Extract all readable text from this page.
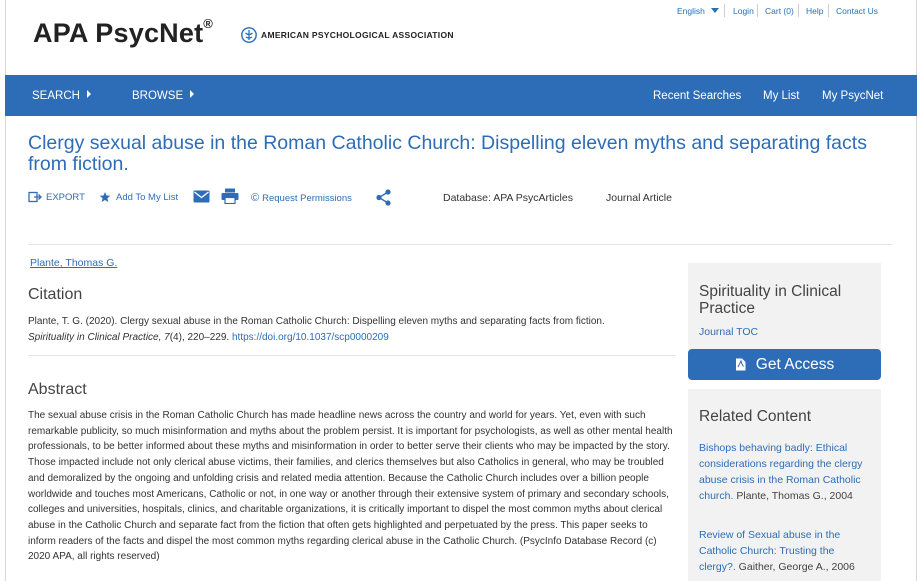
APA PsycNet®
AMERICAN PSYCHOLOGICAL ASSOCIATION
English	Login Cart (0) Help Contact Us
SEARCH	BROWSE	Recent Searches My List My PsycNet
Clergy sexual abuse in the Roman Catholic Church: Dispelling eleven myths and separating facts from fiction.
EXPORT	Add To My List	© Request Permissions	Database: APA PsycArticles	Journal Article
Plante, Thomas G.
Citation
Plante, T. G. (2020). Clergy sexual abuse in the Roman Catholic Church: Dispelling eleven myths and separating facts from fiction. Spirituality in Clinical Practice, 7(4), 220–229. https://doi.org/10.1037/scp0000209
Abstract
The sexual abuse crisis in the Roman Catholic Church has made headline news across the country and world for years. Yet, even with such remarkable publicity, so much misinformation and myths about the problem persist. It is important for psychologists, as well as other mental health professionals, to be better informed about these myths and misinformation in order to better serve their clients who may be impacted by the story. Those impacted include not only clerical abuse victims, their families, and clerics themselves but also Catholics in general, who may be troubled and demoralized by the ongoing and unfolding crisis and related media attention. Because the Catholic Church includes over a billion people worldwide and touches most Americans, Catholic or not, in one way or another through their extensive system of primary and secondary schools, colleges and universities, hospitals, clinics, and charitable organizations, it is critically important to dispel the most common myths about clerical abuse in the Catholic Church and separate fact from the fiction that often gets highlighted and perpetuated by the press. This paper seeks to inform readers of the facts and dispel the most common myths regarding clerical abuse in the Catholic Church. (PsycInfo Database Record (c) 2020 APA, all rights reserved)
Spirituality in Clinical Practice
Journal TOC
Get Access
Related Content
Bishops behaving badly: Ethical considerations regarding the clergy abuse crisis in the Roman Catholic church. Plante, Thomas G., 2004
Review of Sexual abuse in the Catholic Church: Trusting the clergy?. Gaither, George A., 2006
